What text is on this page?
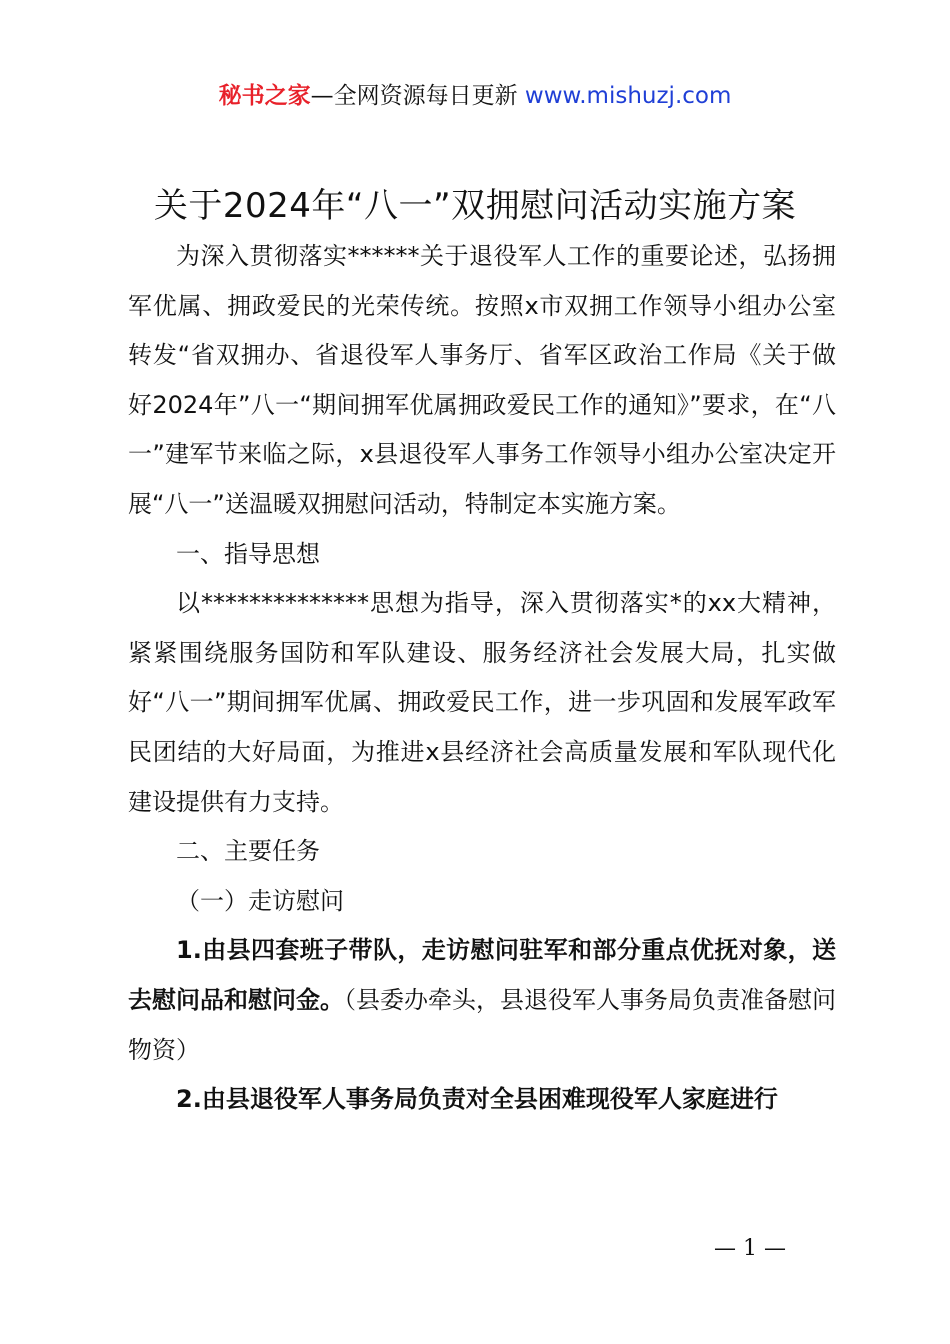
秘书之家—全网资源每日更新 www.mishuzj.com
关于2024年“八一”双拥慰问活动实施方案

为深入贯彻落实******关于退役军人工作的重要论述，弘扬拥军优属、拥政爱民的光荣传统。按照x市双拥工作领导小组办公室转发“省双拥办、省退役军人事务厅、省军区政治工作局《关于做好2024年”八一“期间拥军优属拥政爱民工作的通知》”要求，在“八一”建军节来临之际，x县退役军人事务工作领导小组办公室决定开展“八一”送温暖双拥慰问活动，特制定本实施方案。

一、指导思想

以**************思想为指导，深入贯彻落实*的xx大精神，紧紧围绕服务国防和军队建设、服务经济社会发展大局，扎实做好“八一”期间拥军优属、拥政爱民工作，进一步巩固和发展军政军民团结的大好局面，为推进x县经济社会高质量发展和军队现代化建设提供有力支持。

二、主要任务

（一）走访慰问

1.由县四套班子带队，走访慰问驻军和部分重点优抚对象，送去慰问品和慰问金。（县委办牵头，县退役军人事务局负责准备慰问物资）

2.由县退役军人事务局负责对全县困难现役军人家庭进行

— 1 —
